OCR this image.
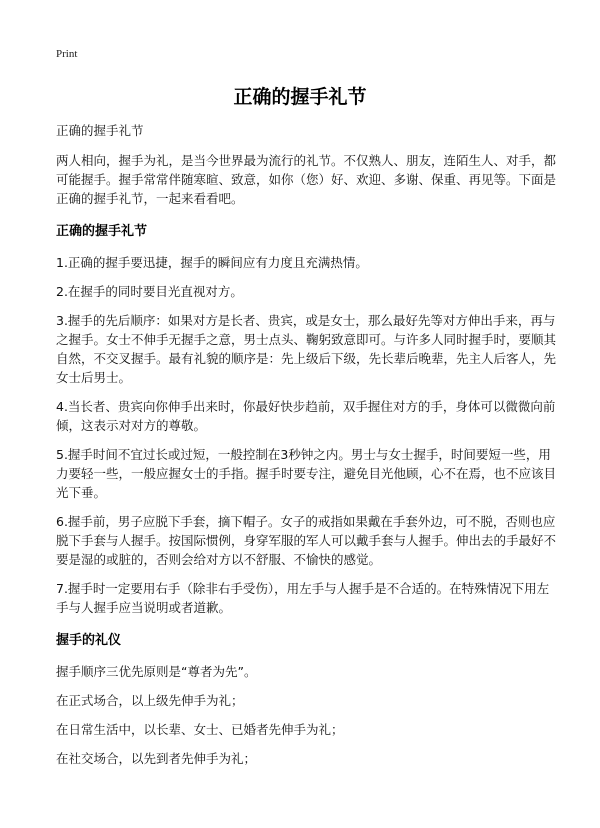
Print
正确的握手礼节

正确的握手礼节

两人相向，握手为礼，是当今世界最为流行的礼节。不仅熟人、朋友，连陌生人、对手，都可能握手。握手常常伴随寒暄、致意，如你（您）好、欢迎、多谢、保重、再见等。下面是正确的握手礼节，一起来看看吧。

正确的握手礼节

1.正确的握手要迅捷，握手的瞬间应有力度且充满热情。

2.在握手的同时要目光直视对方。

3.握手的先后顺序：如果对方是长者、贵宾，或是女士，那么最好先等对方伸出手来，再与之握手。女士不伸手无握手之意，男士点头、鞠躬致意即可。与许多人同时握手时，要顺其自然，不交叉握手。最有礼貌的顺序是：先上级后下级，先长辈后晚辈，先主人后客人，先女士后男士。

4.当长者、贵宾向你伸手出来时，你最好快步趋前，双手握住对方的手，身体可以微微向前倾，这表示对对方的尊敬。

5.握手时间不宜过长或过短，一般控制在3秒钟之内。男士与女士握手，时间要短一些，用力要轻一些，一般应握女士的手指。握手时要专注，避免目光他顾，心不在焉，也不应该目光下垂。

6.握手前，男子应脱下手套，摘下帽子。女子的戒指如果戴在手套外边，可不脱，否则也应脱下手套与人握手。按国际惯例，身穿军服的军人可以戴手套与人握手。伸出去的手最好不要是湿的或脏的，否则会给对方以不舒服、不愉快的感觉。

7.握手时一定要用右手（除非右手受伤），用左手与人握手是不合适的。在特殊情况下用左手与人握手应当说明或者道歉。

握手的礼仪

握手顺序三优先原则是“尊者为先”。

在正式场合，以上级先伸手为礼；

在日常生活中，以长辈、女士、已婚者先伸手为礼；

在社交场合，以先到者先伸手为礼；
